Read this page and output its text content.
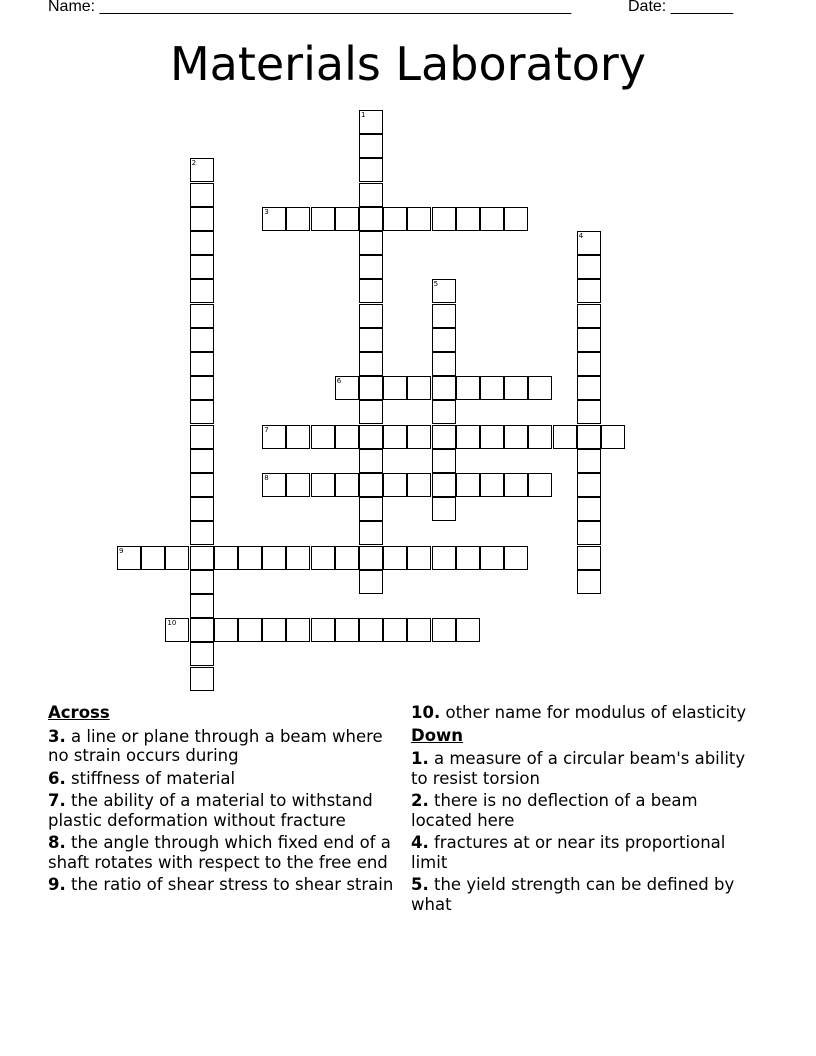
Name: _____________________________________________________	Date: _______
Materials Laboratory
1
2
3
4
5
6
7
8
9
10
Across
3. a line or plane through a beam where no strain occurs during
6. stiffness of material
7. the ability of a material to withstand plastic deformation without fracture
8. the angle through which fixed end of a shaft rotates with respect to the free end
9. the ratio of shear stress to shear strain
10. other name for modulus of elasticity
Down
1. a measure of a circular beam's ability to resist torsion
2. there is no deflection of a beam located here
4. fractures at or near its proportional limit
5. the yield strength can be defined by what
